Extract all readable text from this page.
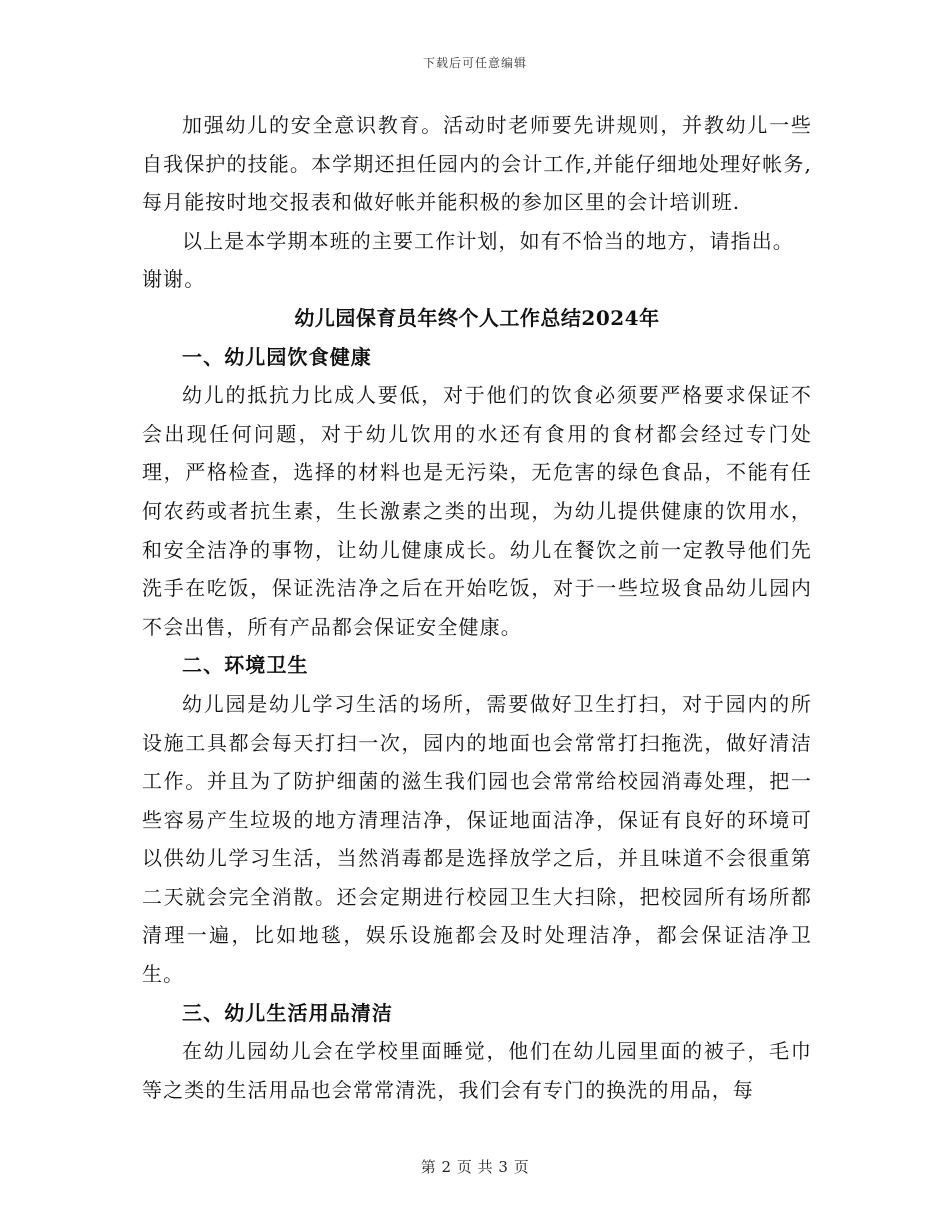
下载后可任意编辑

加强幼儿的安全意识教育。活动时老师要先讲规则，并教幼儿一些自我保护的技能。本学期还担任园内的会计工作,并能仔细地处理好帐务,每月能按时地交报表和做好帐并能积极的参加区里的会计培训班.

以上是本学期本班的主要工作计划，如有不恰当的地方，请指出。

谢谢。

幼儿园保育员年终个人工作总结2024年
一、幼儿园饮食健康

幼儿的抵抗力比成人要低，对于他们的饮食必须要严格要求保证不会出现任何问题，对于幼儿饮用的水还有食用的食材都会经过专门处理，严格检查，选择的材料也是无污染，无危害的绿色食品，不能有任何农药或者抗生素，生长激素之类的出现，为幼儿提供健康的饮用水，和安全洁净的事物，让幼儿健康成长。幼儿在餐饮之前一定教导他们先洗手在吃饭，保证洗洁净之后在开始吃饭，对于一些垃圾食品幼儿园内不会出售，所有产品都会保证安全健康。

二、环境卫生

幼儿园是幼儿学习生活的场所，需要做好卫生打扫，对于园内的所设施工具都会每天打扫一次，园内的地面也会常常打扫拖洗，做好清洁工作。并且为了防护细菌的滋生我们园也会常常给校园消毒处理，把一些容易产生垃圾的地方清理洁净，保证地面洁净，保证有良好的环境可以供幼儿学习生活，当然消毒都是选择放学之后，并且味道不会很重第二天就会完全消散。还会定期进行校园卫生大扫除，把校园所有场所都清理一遍，比如地毯，娱乐设施都会及时处理洁净，都会保证洁净卫生。

三、幼儿生活用品清洁

在幼儿园幼儿会在学校里面睡觉，他们在幼儿园里面的被子，毛巾等之类的生活用品也会常常清洗，我们会有专门的换洗的用品，每

第 2 页 共 3 页
